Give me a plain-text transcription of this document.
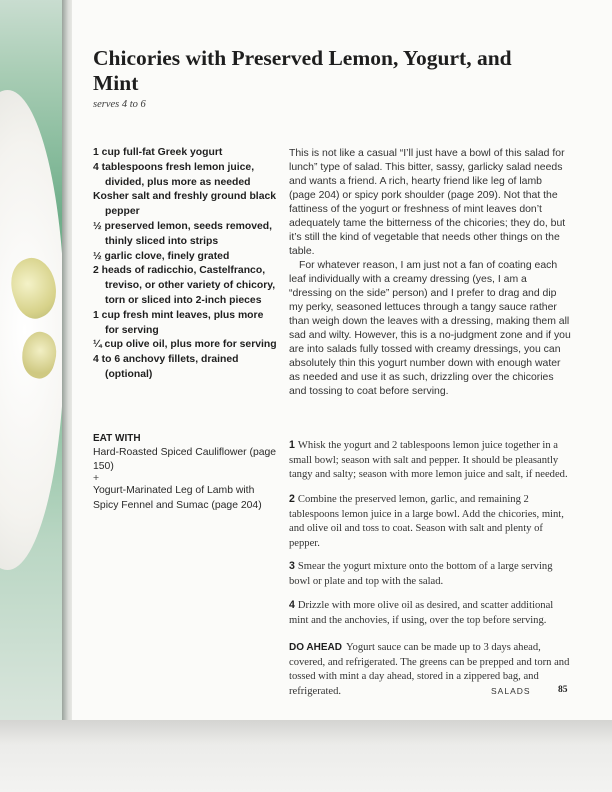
Chicories with Preserved Lemon, Yogurt, and Mint
serves 4 to 6
1 cup full-fat Greek yogurt
4 tablespoons fresh lemon juice, divided, plus more as needed
Kosher salt and freshly ground black pepper
½ preserved lemon, seeds removed, thinly sliced into strips
½ garlic clove, finely grated
2 heads of radicchio, Castelfranco, treviso, or other variety of chicory, torn or sliced into 2-inch pieces
1 cup fresh mint leaves, plus more for serving
¼ cup olive oil, plus more for serving
4 to 6 anchovy fillets, drained (optional)
EAT WITH
Hard-Roasted Spiced Cauliflower (page 150)
+
Yogurt-Marinated Leg of Lamb with Spicy Fennel and Sumac (page 204)

This is not like a casual “I’ll just have a bowl of this salad for lunch” type of salad. This bitter, sassy, garlicky salad needs and wants a friend. A rich, hearty friend like leg of lamb (page 204) or spicy pork shoulder (page 209). Not that the fattiness of the yogurt or freshness of mint leaves don’t adequately tame the bitterness of the chicories; they do, but it’s still the kind of vegetable that needs other things on the table.

For whatever reason, I am just not a fan of coating each leaf individually with a creamy dressing (yes, I am a “dressing on the side” person) and I prefer to drag and dip my perky, seasoned lettuces through a tangy sauce rather than weigh down the leaves with a dressing, making them all sad and wilty. However, this is a no-judgment zone and if you are into salads fully tossed with creamy dressings, you can absolutely thin this yogurt number down with enough water as needed and use it as such, drizzling over the chicories and tossing to coat before serving.

1 Whisk the yogurt and 2 tablespoons lemon juice together in a small bowl; season with salt and pepper. It should be pleasantly tangy and salty; season with more lemon juice and salt, if needed.

2 Combine the preserved lemon, garlic, and remaining 2 tablespoons lemon juice in a large bowl. Add the chicories, mint, and olive oil and toss to coat. Season with salt and plenty of pepper.

3 Smear the yogurt mixture onto the bottom of a large serving bowl or plate and top with the salad.

4 Drizzle with more olive oil as desired, and scatter additional mint and the anchovies, if using, over the top before serving.

DO AHEAD Yogurt sauce can be made up to 3 days ahead, covered, and refrigerated. The greens can be prepped and torn and tossed with mint a day ahead, stored in a zippered bag, and refrigerated.	SALADS	85
